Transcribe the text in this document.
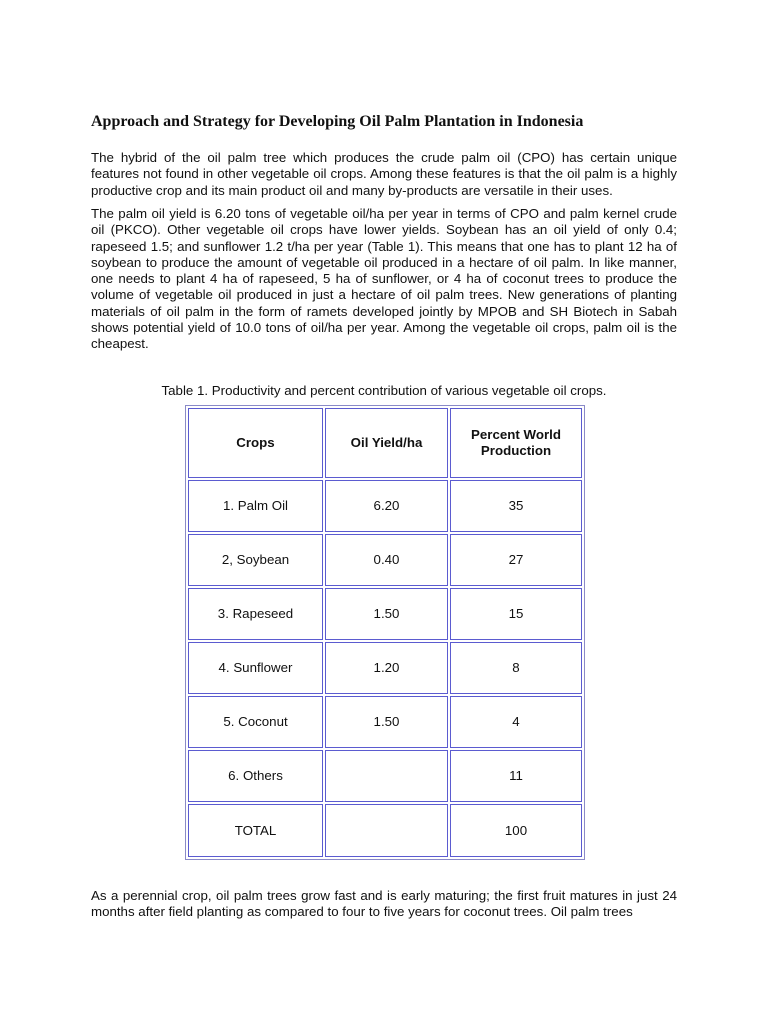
Approach and Strategy for Developing Oil Palm Plantation in Indonesia

The hybrid of the oil palm tree which produces the crude palm oil (CPO) has certain unique features not found in other vegetable oil crops. Among these features is that the oil palm is a highly productive crop and its main product oil and many by-products are versatile in their uses.

The palm oil yield is 6.20 tons of vegetable oil/ha per year in terms of CPO and palm kernel crude oil (PKCO). Other vegetable oil crops have lower yields. Soybean has an oil yield of only 0.4; rapeseed 1.5; and sunflower 1.2 t/ha per year (Table 1). This means that one has to plant 12 ha of soybean to produce the amount of vegetable oil produced in a hectare of oil palm. In like manner, one needs to plant 4 ha of rapeseed, 5 ha of sunflower, or 4 ha of coconut trees to produce the volume of vegetable oil produced in just a hectare of oil palm trees. New generations of planting materials of oil palm in the form of ramets developed jointly by MPOB and SH Biotech in Sabah shows potential yield of 10.0 tons of oil/ha per year. Among the vegetable oil crops, palm oil is the cheapest.

As a perennial crop, oil palm trees grow fast and is early maturing; the first fruit matures in just 24 months after field planting as compared to four to five years for coconut trees. Oil palm trees

Table 1. Productivity and percent contribution of various vegetable oil crops.
Crops	Oil Yield/ha	Percent World Production
1. Palm Oil	6.20	35
2, Soybean	0.40	27
3. Rapeseed	1.50	15
4. Sunflower	1.20	8
5. Coconut	1.50	4
6. Others		11
TOTAL		100
